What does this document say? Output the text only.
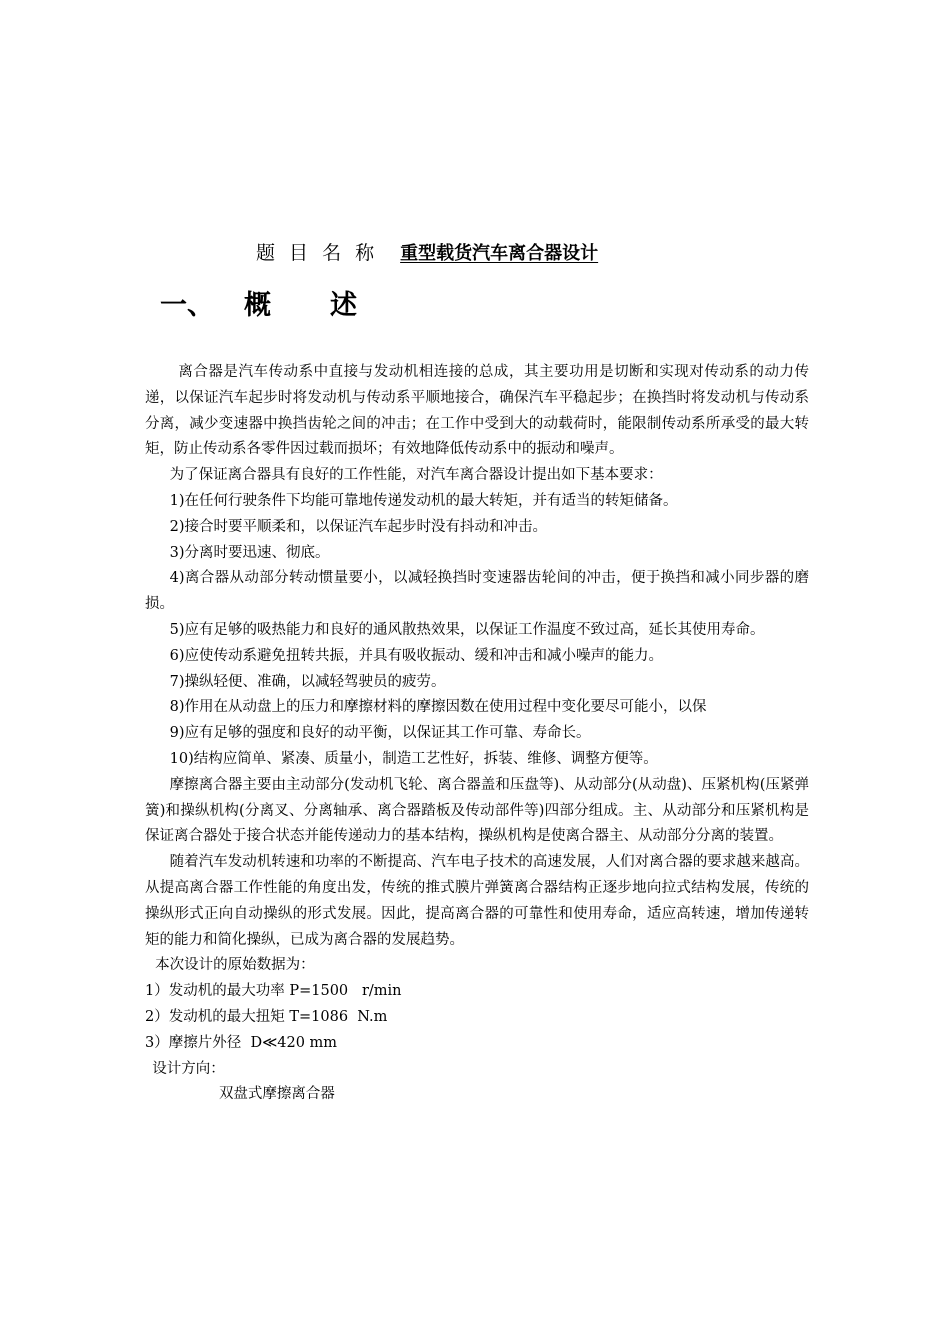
题 目 名 称 重型载货汽车离合器设计
一、 概 述

离合器是汽车传动系中直接与发动机相连接的总成，其主要功用是切断和实现对传动系的动力传递，以保证汽车起步时将发动机与传动系平顺地接合，确保汽车平稳起步；在换挡时将发动机与传动系分离，减少变速器中换挡齿轮之间的冲击；在工作中受到大的动载荷时，能限制传动系所承受的最大转矩，防止传动系各零件因过载而损坏；有效地降低传动系中的振动和噪声。

为了保证离合器具有良好的工作性能，对汽车离合器设计提出如下基本要求：

1)在任何行驶条件下均能可靠地传递发动机的最大转矩，并有适当的转矩储备。

2)接合时要平顺柔和，以保证汽车起步时没有抖动和冲击。

3)分离时要迅速、彻底。

4)离合器从动部分转动惯量要小，以减轻换挡时变速器齿轮间的冲击，便于换挡和减小同步器的磨损。

5)应有足够的吸热能力和良好的通风散热效果，以保证工作温度不致过高，延长其使用寿命。

6)应使传动系避免扭转共振，并具有吸收振动、缓和冲击和减小噪声的能力。

7)操纵轻便、准确，以减轻驾驶员的疲劳。

8)作用在从动盘上的压力和摩擦材料的摩擦因数在使用过程中变化要尽可能小，以保

9)应有足够的强度和良好的动平衡，以保证其工作可靠、寿命长。

10)结构应简单、紧凑、质量小，制造工艺性好，拆装、维修、调整方便等。

摩擦离合器主要由主动部分(发动机飞轮、离合器盖和压盘等)、从动部分(从动盘)、压紧机构(压紧弹簧)和操纵机构(分离叉、分离轴承、离合器踏板及传动部件等)四部分组成。主、从动部分和压紧机构是保证离合器处于接合状态并能传递动力的基本结构，操纵机构是使离合器主、从动部分分离的装置。

随着汽车发动机转速和功率的不断提高、汽车电子技术的高速发展，人们对离合器的要求越来越高。从提高离合器工作性能的角度出发，传统的推式膜片弹簧离合器结构正逐步地向拉式结构发展，传统的操纵形式正向自动操纵的形式发展。因此，提高离合器的可靠性和使用寿命，适应高转速，增加传递转矩的能力和简化操纵，已成为离合器的发展趋势。

本次设计的原始数据为：

1）发动机的最大功率 P=1500   r/min

2）发动机的最大扭矩 T=1086  N.m

3）摩擦片外径  D≪420 mm

设计方向：

双盘式摩擦离合器
